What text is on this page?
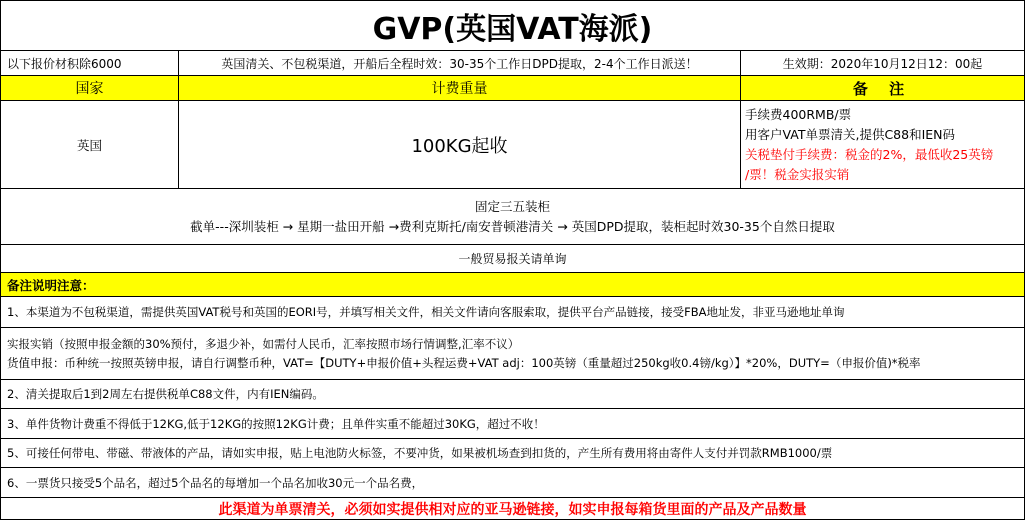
GVP(英国VAT海派)
以下报价材积除6000	英国清关、不包税渠道，开船后全程时效：30-35个工作日DPD提取，2-4个工作日派送！	生效期：2020年10月12日12：00起
国家	计费重量	备 注
英国	100KG起收
手续费400RMB/票
用客户VAT单票清关,提供C88和IEN码
关税垫付手续费：税金的2%，最低收25英镑
/票！税金实报实销
固定三五装柜
截单---深圳装柜 → 星期一盐田开船 →费利克斯托/南安普顿港清关 → 英国DPD提取，装柜起时效30-35个自然日提取
一般贸易报关请单询
备注说明注意：
1、本渠道为不包税渠道，需提供英国VAT税号和英国的EORI号，并填写相关文件，相关文件请向客服索取，提供平台产品链接，接受FBA地址发，非亚马逊地址单询
实报实销（按照申报金额的30%预付，多退少补，如需付人民币，汇率按照市场行情调整,汇率不议）
货值申报：币种统一按照英镑申报，请自行调整币种，VAT=【DUTY+申报价值+头程运费+VAT adj：100英镑（重量超过250kg收0.4镑/kg）】*20%，DUTY=（申报价值)*税率
2、清关提取后1到2周左右提供税单C88文件，内有IEN编码。
3、单件货物计费重不得低于12KG,低于12KG的按照12KG计费；且单件实重不能超过30KG，超过不收！
5、可接任何带电、带磁、带液体的产品，请如实申报，贴上电池防火标签，不要冲货，如果被机场查到扣货的，产生所有费用将由寄件人支付并罚款RMB1000/票
6、一票货只接受5个品名，超过5个品名的每增加一个品名加收30元一个品名费，
此渠道为单票清关，必须如实提供相对应的亚马逊链接，如实申报每箱货里面的产品及产品数量
